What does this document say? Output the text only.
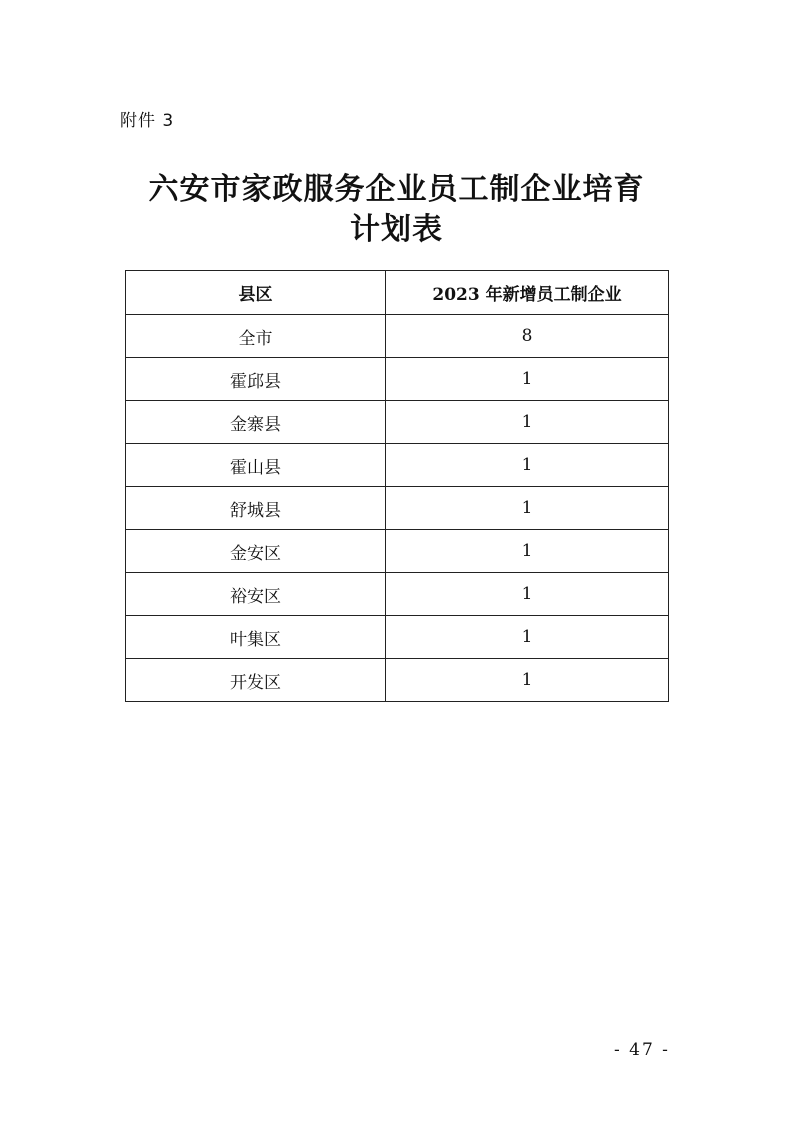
附件 3
六安市家政服务企业员工制企业培育
计划表
县区	2023 年新增员工制企业
全市	8
霍邱县	1
金寨县	1
霍山县	1
舒城县	1
金安区	1
裕安区	1
叶集区	1
开发区	1
- 47 -
